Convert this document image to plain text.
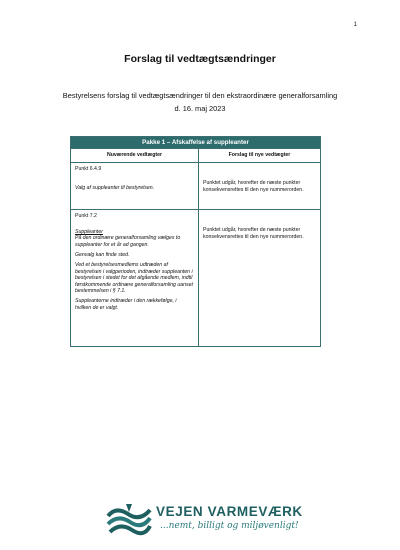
1
Forslag til vedtægtsændringer
Bestyrelsens forslag til vedtægtsændringer til den ekstraordinære generalforsamling
d. 16. maj 2023
Pakke 1 – Afskaffelse af suppleanter
Nuværende vedtægter	Forslag til nye vedtægter

Punkt 6.4.9

Valg af suppleanter til bestyrelsen.

Punktet udgår, hvorefter de næste punkter konsekvensrettes til den nye nummerorden.

Punkt 7.2

Suppleanter

På den ordinære generalforsamling vælges to suppleanter for et år ad gangen.

Genvalg kan finde sted.

Ved et bestyrelsesmedlems udtræden af bestyrelsen i valgperioden, indtræder suppleanten i bestyrelsen i stedet for det afgående medlem, indtil førstkommende ordinære generalforsamling uanset bestemmelsen i § 7.1.

Suppleanterne indtræder i den rækkefølge, i hvilken de er valgt.

Punktet udgår, hvorefter de næste punkter konsekvensrettes til den nye nummerorden.

VEJEN VARMEVÆRK
...nemt, billigt og miljøvenligt!
